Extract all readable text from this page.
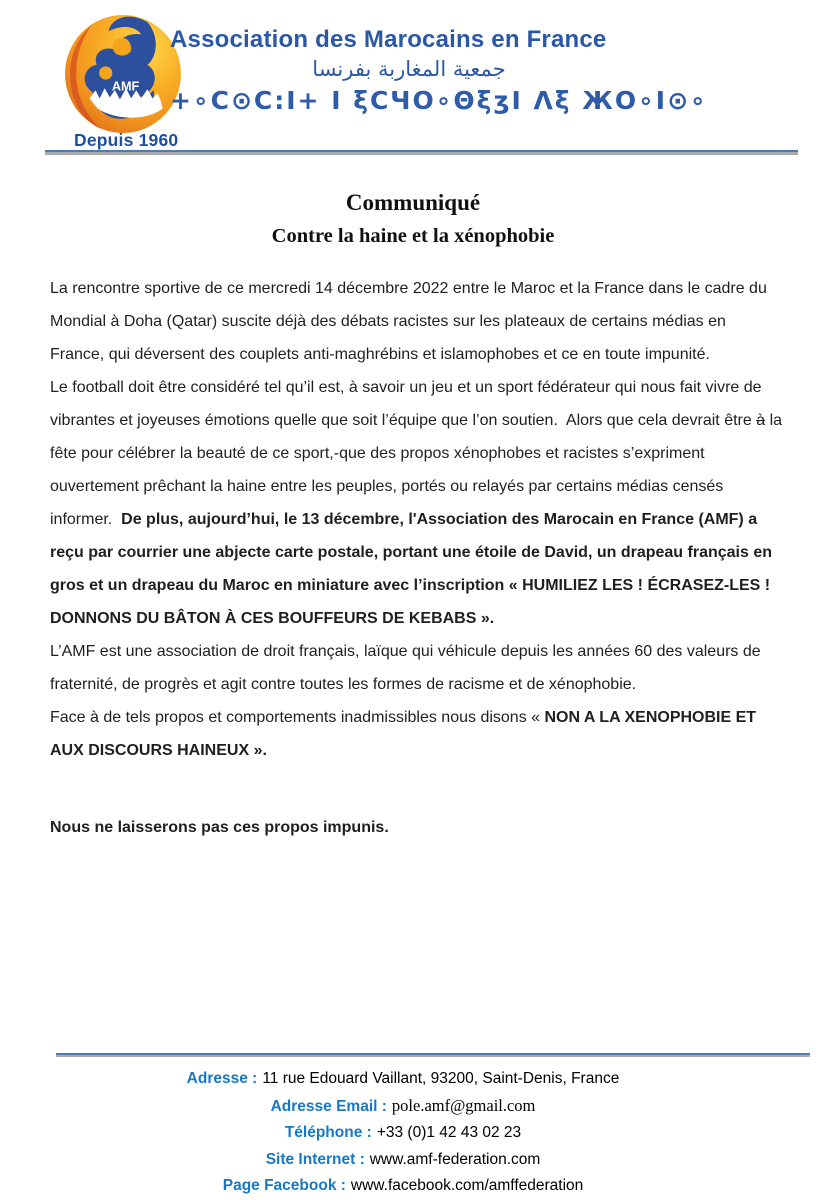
AMF
Depuis 1960
Association des Marocains en France
جمعية المغاربة بفرنسا
+∘C⊙C:I+ I ξCЧO∘ΘξʒI Λξ ЖO∘I⊙∘
Communiqué
Contre la haine et la xénophobie

La rencontre sportive de ce mercredi 14 décembre 2022 entre le Maroc et la France dans le cadre du Mondial à Doha (Qatar) suscite déjà des débats racistes sur les plateaux de certains médias en France, qui déversent des couplets anti-maghrébins et islamophobes et ce en toute impunité.

Le football doit être considéré tel qu’il est, à savoir un jeu et un sport fédérateur qui nous fait vivre de vibrantes et joyeuses émotions quelle que soit l’équipe que l’on soutien.  Alors que cela devrait être à la fête pour célébrer la beauté de ce sport,-que des propos xénophobes et racistes s’expriment ouvertement prêchant la haine entre les peuples, portés ou relayés par certains médias censés informer.  De plus, aujourd’hui, le 13 décembre, l'Association des Marocain en France (AMF) a reçu par courrier une abjecte carte postale, portant une étoile de David, un drapeau français en gros et un drapeau du Maroc en miniature avec l’inscription « HUMILIEZ LES ! ÉCRASEZ-LES ! DONNONS DU BÂTON À CES BOUFFEURS DE KEBABS ».

L’AMF est une association de droit français, laïque qui véhicule depuis les années 60 des valeurs de fraternité, de progrès et agit contre toutes les formes de racisme et de xénophobie.

Face à de tels propos et comportements inadmissibles nous disons « NON A LA XENOPHOBIE ET AUX DISCOURS HAINEUX ».

Nous ne laisserons pas ces propos impunis.

Adresse : 11 rue Edouard Vaillant, 93200, Saint-Denis, France
Adresse Email : pole.amf@gmail.com
Téléphone : +33 (0)1 42 43 02 23
Site Internet : www.amf-federation.com
Page Facebook : www.facebook.com/amffederation
